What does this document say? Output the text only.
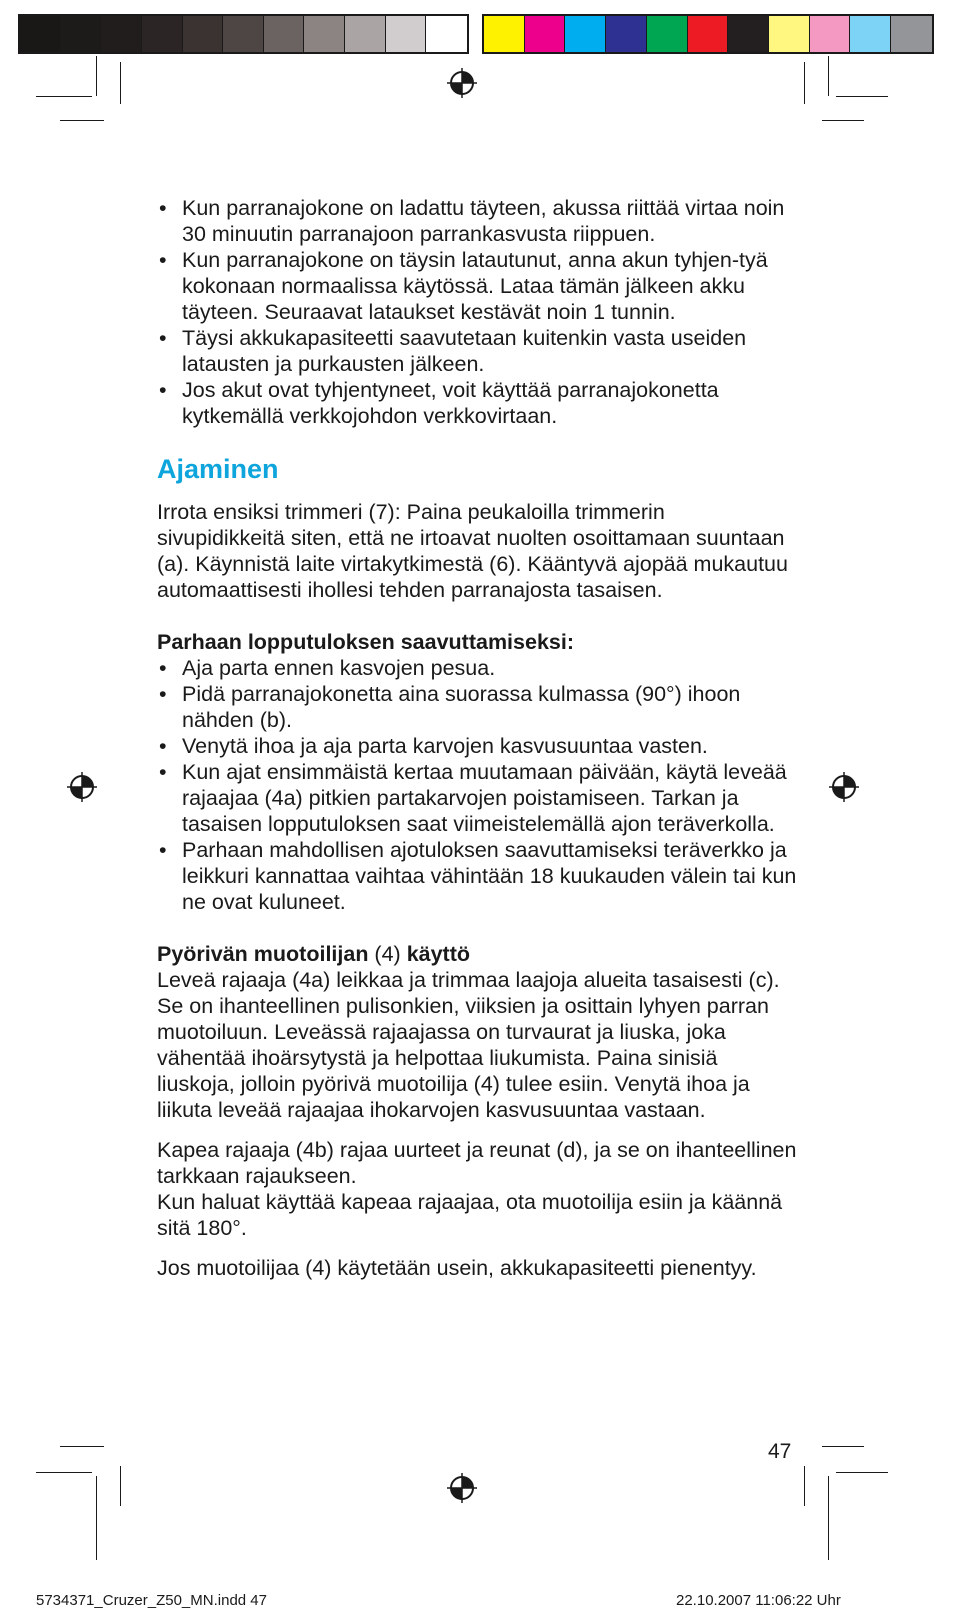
• Kun parranajokone on ladattu täyteen, akussa riittää virtaa noin 30 minuutin parranajoon parrankasvusta riippuen.
• Kun parranajokone on täysin latautunut, anna akun tyhjen-tyä kokonaan normaalissa käytössä. Lataa tämän jälkeen akku täyteen. Seuraavat lataukset kestävät noin 1 tunnin.
• Täysi akkukapasiteetti saavutetaan kuitenkin vasta useiden latausten ja purkausten jälkeen.
• Jos akut ovat tyhjentyneet, voit käyttää parranajokonetta kytkemällä verkkojohdon verkkovirtaan.

Ajaminen

Irrota ensiksi trimmeri (7): Paina peukaloilla trimmerin sivupidikkeitä siten, että ne irtoavat nuolten osoittamaan suuntaan (a). Käynnistä laite virtakytkimestä (6). Kääntyvä ajopää mukautuu automaattisesti ihollesi tehden parranajosta tasaisen.

Parhaan lopputuloksen saavuttamiseksi:

• Aja parta ennen kasvojen pesua.
• Pidä parranajokonetta aina suorassa kulmassa (90°) ihoon nähden (b).
• Venytä ihoa ja aja parta karvojen kasvusuuntaa vasten.
• Kun ajat ensimmäistä kertaa muutamaan päivään, käytä leveää rajaajaa (4a) pitkien partakarvojen poistamiseen. Tarkan ja tasaisen lopputuloksen saat viimeistelemällä ajon teräverkolla.
• Parhaan mahdollisen ajotuloksen saavuttamiseksi teräverkko ja leikkuri kannattaa vaihtaa vähintään 18 kuukauden välein tai kun ne ovat kuluneet.

Pyörivän muotoilijan (4) käyttö

Leveä rajaaja (4a) leikkaa ja trimmaa laajoja alueita tasaisesti (c).

Se on ihanteellinen pulisonkien, viiksien ja osittain lyhyen parran muotoiluun. Leveässä rajaajassa on turvaurat ja liuska, joka vähentää ihoärsytystä ja helpottaa liukumista. Paina sinisiä liuskoja, jolloin pyörivä muotoilija (4) tulee esiin. Venytä ihoa ja liikuta leveää rajaajaa ihokarvojen kasvusuuntaa vastaan.

Kapea rajaaja (4b) rajaa uurteet ja reunat (d), ja se on ihanteellinen tarkkaan rajaukseen.

Kun haluat käyttää kapeaa rajaajaa, ota muotoilija esiin ja käännä sitä 180°.

Jos muotoilijaa (4) käytetään usein, akkukapasiteetti pienentyy.

47
5734371_Cruzer_Z50_MN.indd 47	22.10.2007 11:06:22 Uhr
